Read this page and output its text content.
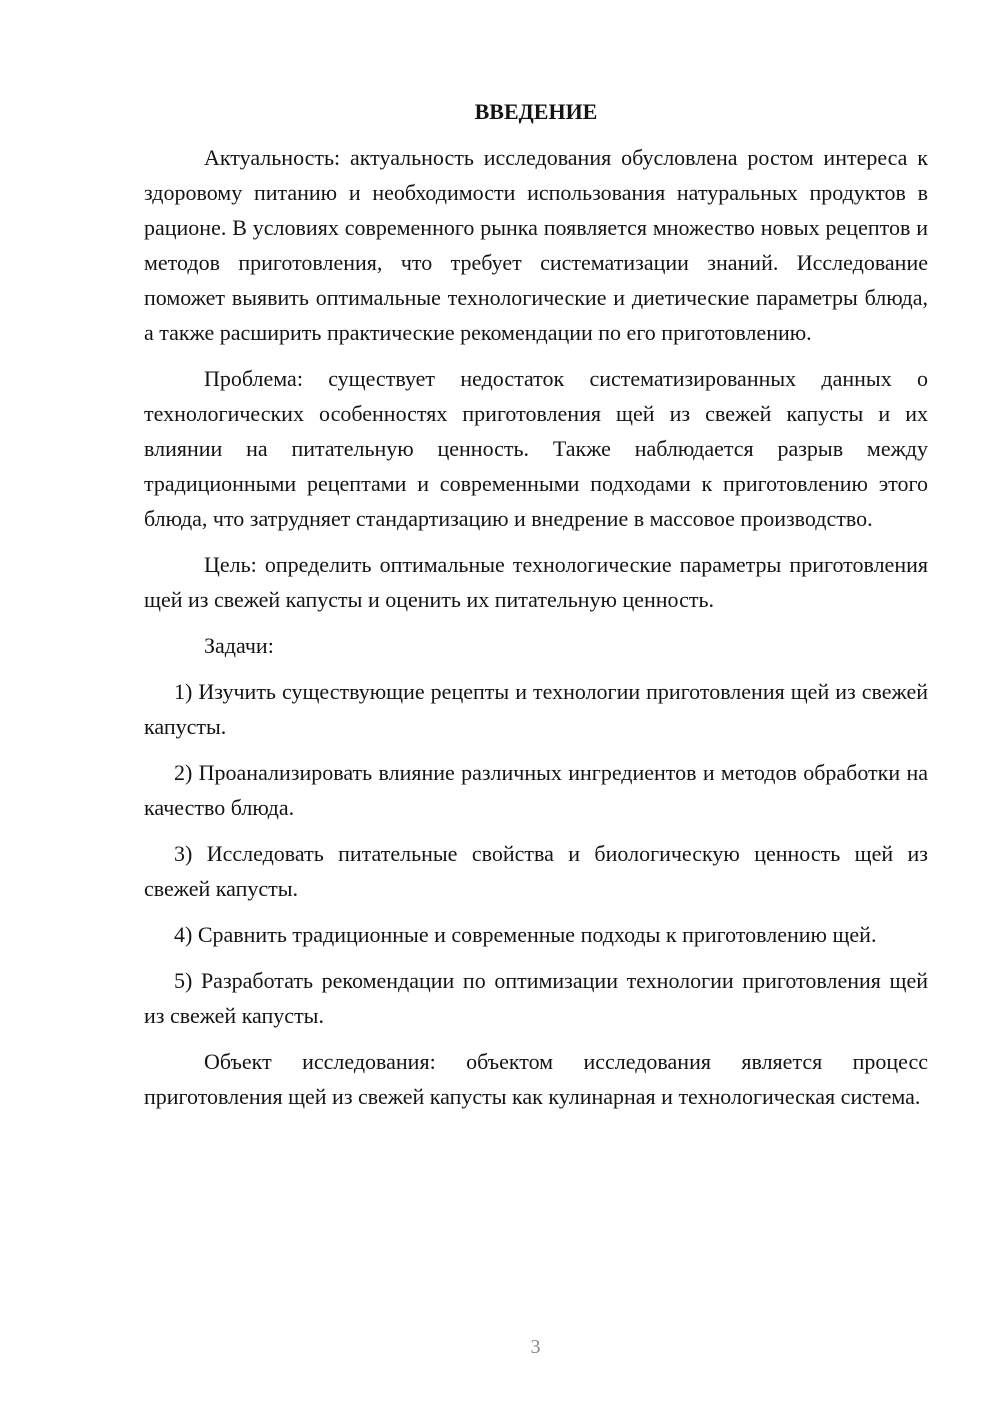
ВВЕДЕНИЕ

Актуальность: актуальность исследования обусловлена ростом интереса к здоровому питанию и необходимости использования натуральных продуктов в рационе. В условиях современного рынка появляется множество новых рецептов и методов приготовления, что требует систематизации знаний. Исследование поможет выявить оптимальные технологические и диетические параметры блюда, а также расширить практические рекомендации по его приготовлению.

Проблема: существует недостаток систематизированных данных о технологических особенностях приготовления щей из свежей капусты и их влиянии на питательную ценность. Также наблюдается разрыв между традиционными рецептами и современными подходами к приготовлению этого блюда, что затрудняет стандартизацию и внедрение в массовое производство.

Цель: определить оптимальные технологические параметры приготовления щей из свежей капусты и оценить их питательную ценность.

Задачи:

1) Изучить существующие рецепты и технологии приготовления щей из свежей капусты.

2) Проанализировать влияние различных ингредиентов и методов обработки на качество блюда.

3) Исследовать питательные свойства и биологическую ценность щей из свежей капусты.

4) Сравнить традиционные и современные подходы к приготовлению щей.

5) Разработать рекомендации по оптимизации технологии приготовления щей из свежей капусты.

Объект исследования: объектом исследования является процесс приготовления щей из свежей капусты как кулинарная и технологическая система.

3
